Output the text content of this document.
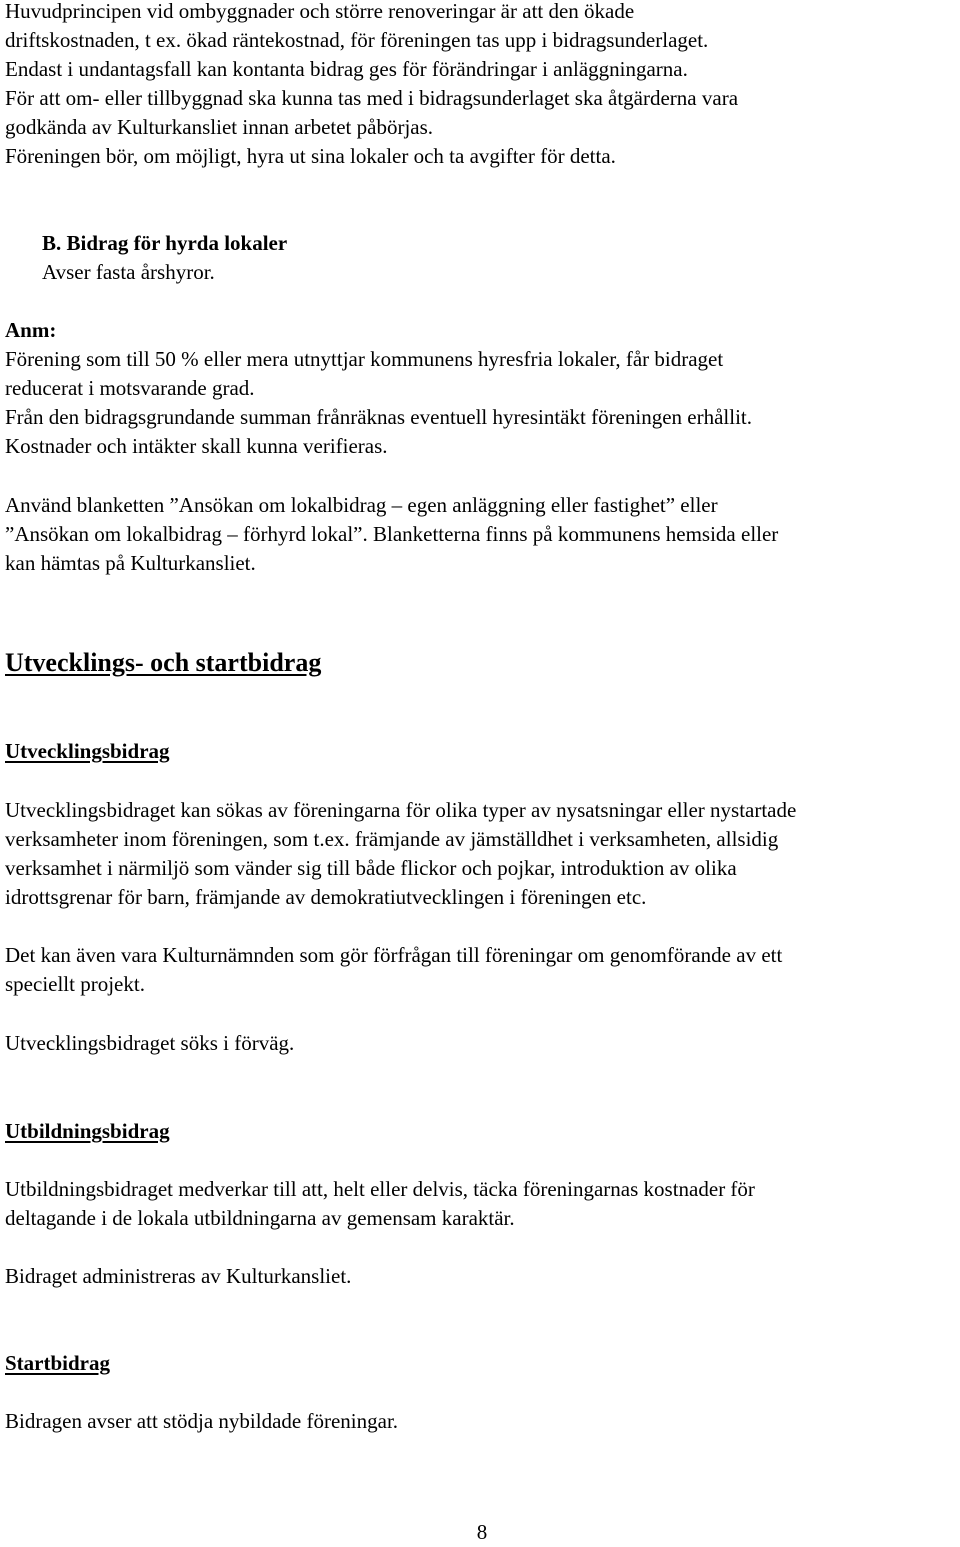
Huvudprincipen vid ombyggnader och större renoveringar är att den ökade
driftskostnaden, t ex. ökad räntekostnad, för föreningen tas upp i bidragsunderlaget.
Endast i undantagsfall kan kontanta bidrag ges för förändringar i anläggningarna.
För att om- eller tillbyggnad ska kunna tas med i bidragsunderlaget ska åtgärderna vara
godkända av Kulturkansliet innan arbetet påbörjas.
Föreningen bör, om möjligt, hyra ut sina lokaler och ta avgifter för detta.
B. Bidrag för hyrda lokaler
Avser fasta årshyror.
Anm:
Förening som till 50 % eller mera utnyttjar kommunens hyresfria lokaler, får bidraget
reducerat i motsvarande grad.
Från den bidragsgrundande summan frånräknas eventuell hyresintäkt föreningen erhållit.
Kostnader och intäkter skall kunna verifieras.
Använd blanketten ”Ansökan om lokalbidrag – egen anläggning eller fastighet” eller
”Ansökan om lokalbidrag – förhyrd lokal”. Blanketterna finns på kommunens hemsida eller
kan hämtas på Kulturkansliet.
Utvecklings- och startbidrag
Utvecklingsbidrag
Utvecklingsbidraget kan sökas av föreningarna för olika typer av nysatsningar eller nystartade
verksamheter inom föreningen, som t.ex. främjande av jämställdhet i verksamheten, allsidig
verksamhet i närmiljö som vänder sig till både flickor och pojkar, introduktion av olika
idrottsgrenar för barn, främjande av demokratiutvecklingen i föreningen etc.
Det kan även vara Kulturnämnden som gör förfrågan till föreningar om genomförande av ett
speciellt projekt.
Utvecklingsbidraget söks i förväg.
Utbildningsbidrag
Utbildningsbidraget medverkar till att, helt eller delvis, täcka föreningarnas kostnader för
deltagande i de lokala utbildningarna av gemensam karaktär.
Bidraget administreras av Kulturkansliet.
Startbidrag
Bidragen avser att stödja nybildade föreningar.
8
